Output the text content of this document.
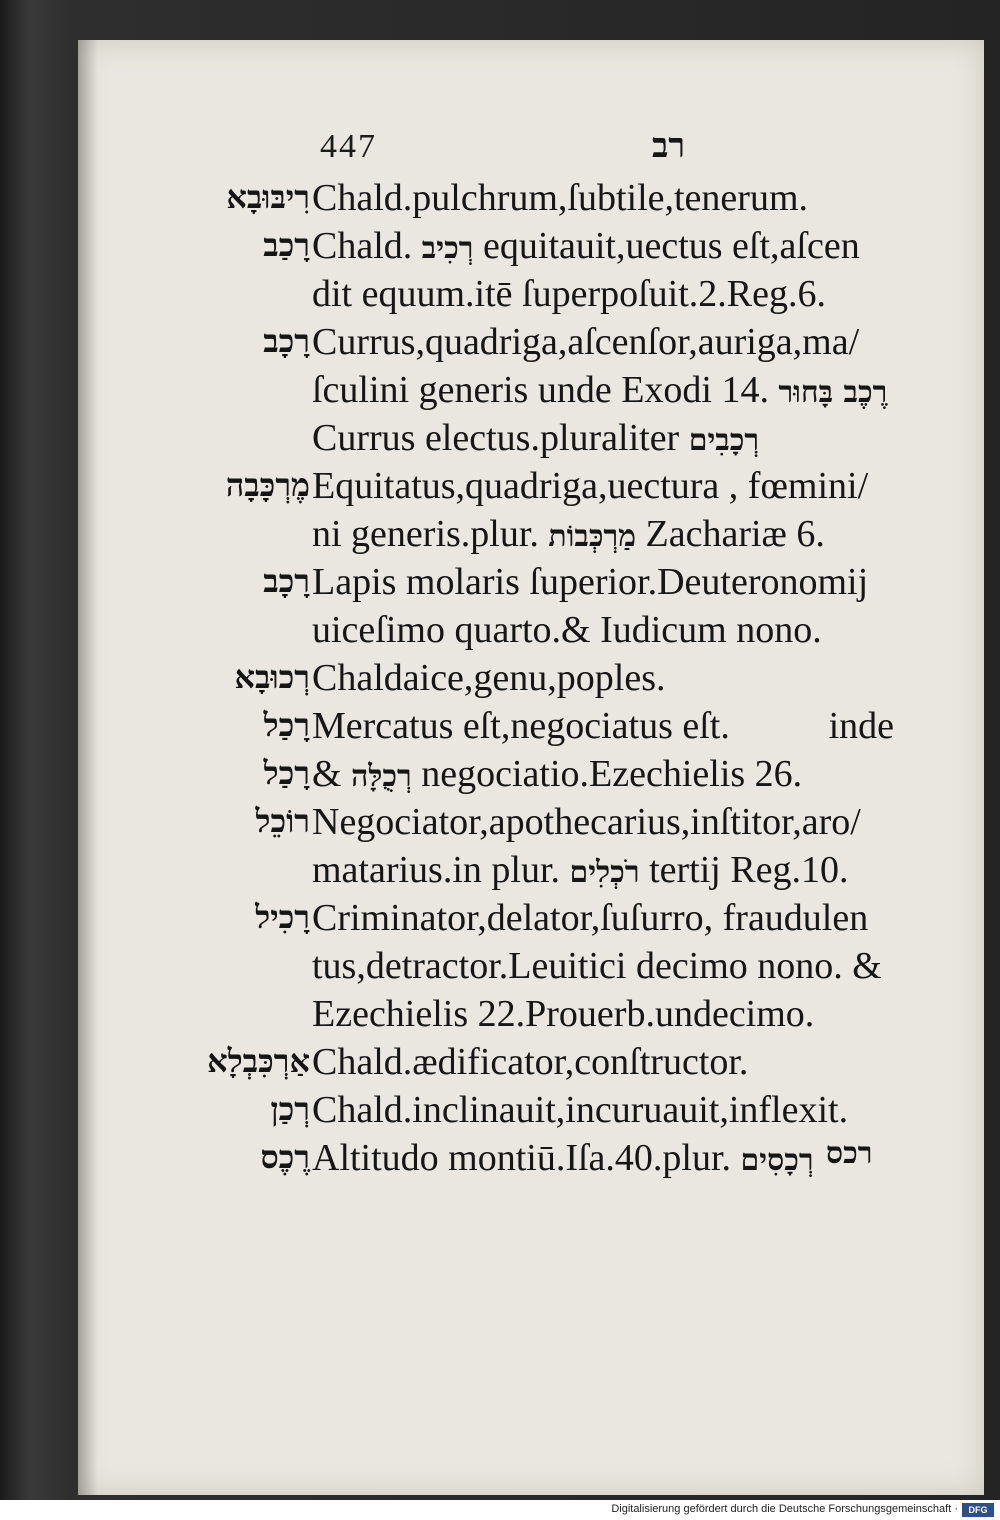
447	רב
רִיבּוּבָא Chald.pulchrum,ſubtile,tenerum.
רָכַב Chald. רְכִיב equitauit,uectus eſt,aſcen
dit equum.itē ſuperpoſuit.2.Reg.6.
רָכָב Currus,quadriga,aſcenſor,auriga,ma/
ſculini generis unde Exodi 14. רֶכֶב בָּחוּר
Currus electus.pluraliter רְכָבִים
מֶרְכָּבָה Equitatus,quadriga,uectura , fœmini/
ni generis.plur. מַרְכְּבוֹת Zachariæ 6.
רָכָב Lapis molaris ſuperior.Deuteronomij
uiceſimo quarto.& Iudicum nono.
רְכוּבָא Chaldaice,genu,poples.
רָכַל Mercatus eſt,negociatus eſt.	inde
רָכַל & רְכֻלָּה negociatio.Ezechielis 26.
רוֹכֵל Negociator,apothecarius,inſtitor,aro/
matarius.in plur. רֹכְלִים tertij Reg.10.
רָכִיל Criminator,delator,ſuſurro, fraudulen
tus,detractor.Leuitici decimo nono. &
Ezechielis 22.Prouerb.undecimo.
אַרְכִּבְלָא Chald.ædificator,conſtructor.
רְכַן Chald.inclinauit,incuruauit,inflexit.
רֶכֶס Altitudo montiū.Iſa.40.plur. רְכָסִים רכס
Digitalisierung gefördert durch die Deutsche Forschungsgemeinschaft ·	DFG
